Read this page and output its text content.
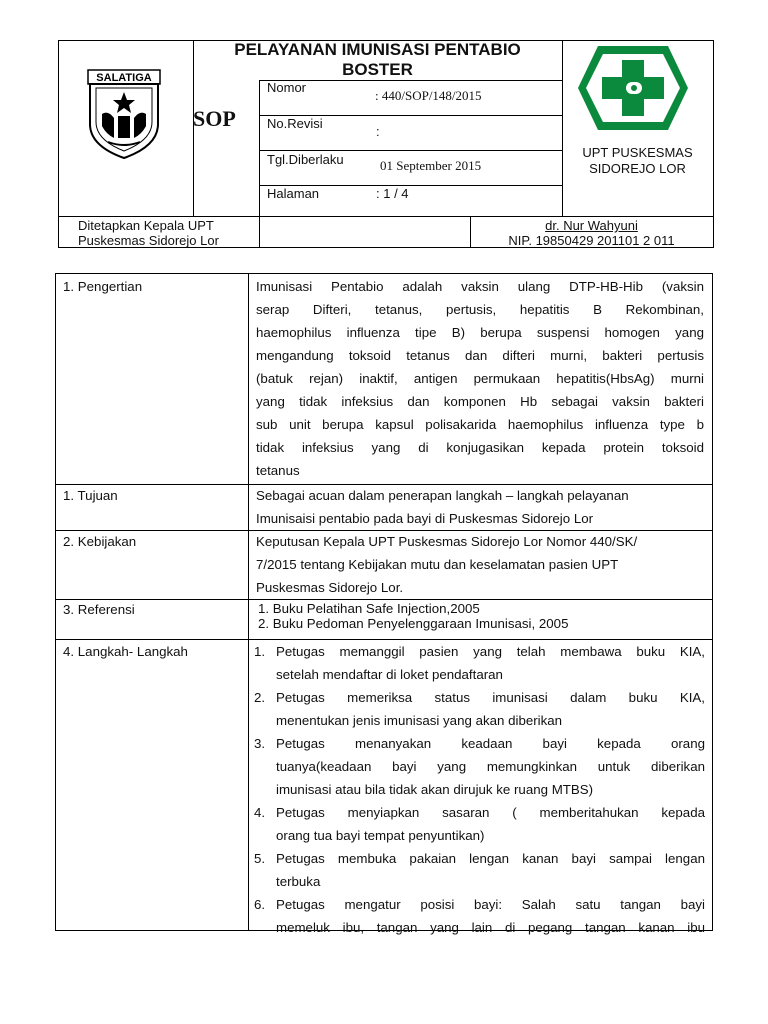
SALATIGA
PELAYANAN IMUNISASI PENTABIO
BOSTER
SOP
Nomor
: 440/SOP/148/2015
No.Revisi
:
Tgl.Diberlaku	01 September 2015
Halaman	: 1 / 4
UPT PUSKESMAS
SIDOREJO LOR
Ditetapkan Kepala UPT
Puskesmas Sidorejo Lor
dr. Nur Wahyuni
NIP. 19850429 201101 2 011
1. Pengertian	Imunisasi Pentabio adalah vaksin ulang DTP-HB-Hib (vaksin
serap Difteri, tetanus, pertusis, hepatitis B Rekombinan,
haemophilus influenza tipe B) berupa suspensi homogen yang
mengandung toksoid tetanus dan difteri murni, bakteri pertusis
(batuk rejan) inaktif, antigen permukaan hepatitis(HbsAg) murni
yang tidak infeksius dan komponen Hb sebagai vaksin bakteri
sub unit berupa kapsul polisakarida haemophilus influenza type b
tidak infeksius yang di konjugasikan kepada protein toksoid
tetanus
1. Tujuan	Sebagai acuan dalam penerapan langkah – langkah pelayanan
Imunisaisi pentabio pada bayi di Puskesmas Sidorejo Lor
2. Kebijakan	Keputusan Kepala UPT Puskesmas Sidorejo Lor Nomor 440/SK/
7/2015 tentang Kebijakan mutu dan keselamatan pasien UPT
Puskesmas Sidorejo Lor.
3. Referensi	1. Buku Pelatihan Safe Injection,2005
2. Buku Pedoman Penyelenggaraan Imunisasi, 2005
4. Langkah- Langkah	1. Petugas memanggil pasien yang telah membawa buku KIA,
setelah mendaftar di loket pendaftaran
2. Petugas memeriksa status imunisasi dalam buku KIA,
menentukan jenis imunisasi yang akan diberikan
3. Petugas menanyakan keadaan bayi kepada orang
tuanya(keadaan bayi yang memungkinkan untuk diberikan
imunisasi atau bila tidak akan dirujuk ke ruang MTBS)
4. Petugas menyiapkan sasaran ( memberitahukan kepada
orang tua bayi tempat penyuntikan)
5. Petugas membuka pakaian lengan kanan bayi sampai lengan
terbuka
6. Petugas mengatur posisi bayi: Salah satu tangan bayi
memeluk ibu, tangan yang lain di pegang tangan kanan ibu
